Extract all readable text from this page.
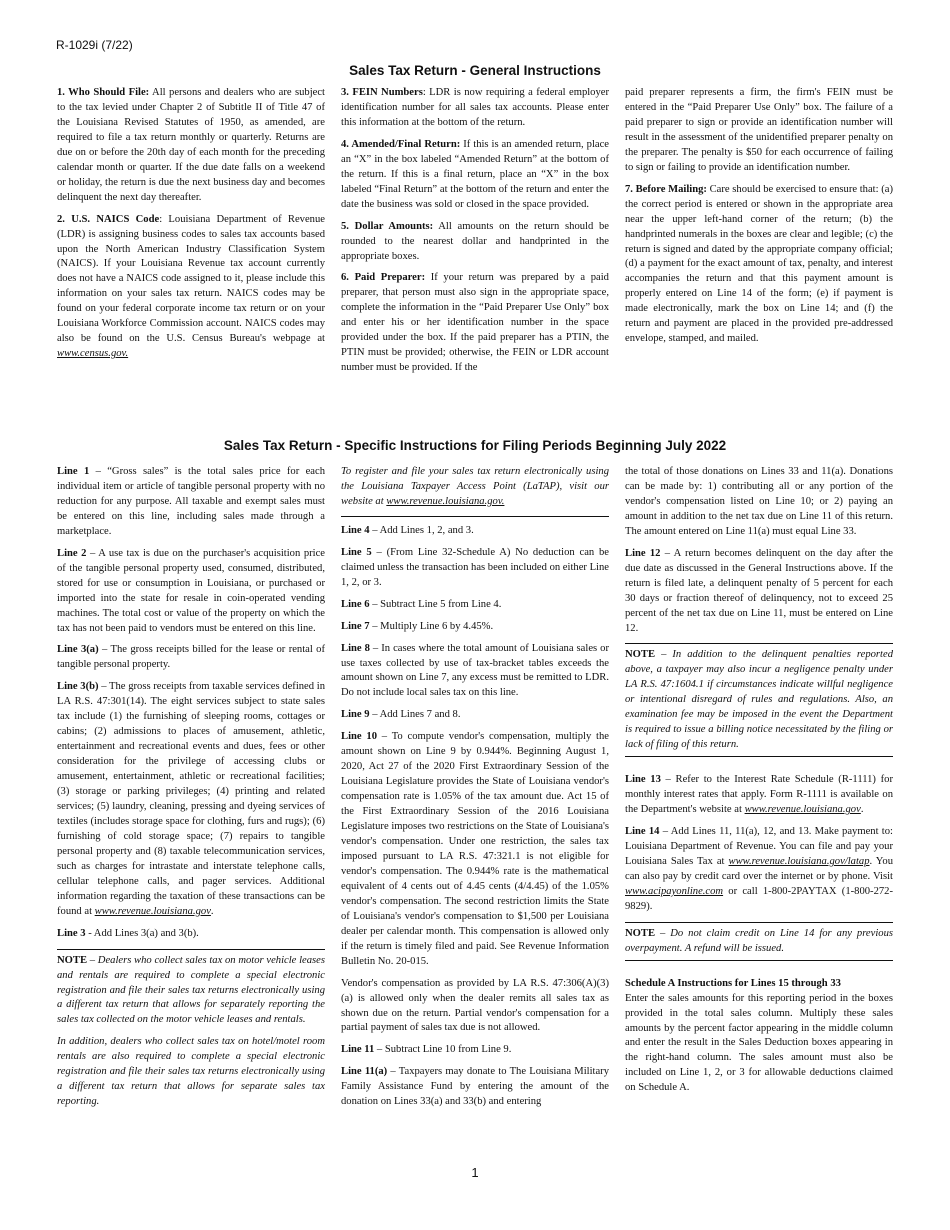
R-1029i (7/22)
Sales Tax Return - General Instructions

1. Who Should File: All persons and dealers who are subject to the tax levied under Chapter 2 of Subtitle II of Title 47 of the Louisiana Revised Statutes of 1950, as amended, are required to file a tax return monthly or quarterly. Returns are due on or before the 20th day of each month for the preceding calendar month or quarter. If the due date falls on a weekend or holiday, the return is due the next business day and becomes delinquent the next day thereafter.

2. U.S. NAICS Code: Louisiana Department of Revenue (LDR) is assigning business codes to sales tax accounts based upon the North American Industry Classification System (NAICS). If your Louisiana Revenue tax account currently does not have a NAICS code assigned to it, please include this information on your sales tax return. NAICS codes may be found on your federal corporate income tax return or on your Louisiana Workforce Commission account. NAICS codes may also be found on the U.S. Census Bureau's webpage at www.census.gov.

3. FEIN Numbers: LDR is now requiring a federal employer identification number for all sales tax accounts. Please enter this information at the bottom of the return.

4. Amended/Final Return: If this is an amended return, place an “X” in the box labeled “Amended Return” at the bottom of the return. If this is a final return, place an “X” in the box labeled “Final Return” at the bottom of the return and enter the date the business was sold or closed in the space provided.

5. Dollar Amounts: All amounts on the return should be rounded to the nearest dollar and handprinted in the appropriate boxes.

6. Paid Preparer: If your return was prepared by a paid preparer, that person must also sign in the appropriate space, complete the information in the “Paid Preparer Use Only” box and enter his or her identification number in the space provided under the box. If the paid preparer has a PTIN, the PTIN must be provided; otherwise, the FEIN or LDR account number must be provided. If the

paid preparer represents a firm, the firm's FEIN must be entered in the “Paid Preparer Use Only” box. The failure of a paid preparer to sign or provide an identification number will result in the assessment of the unidentified preparer penalty on the preparer. The penalty is $50 for each occurrence of failing to sign or failing to provide an identification number.

7. Before Mailing: Care should be exercised to ensure that: (a) the correct period is entered or shown in the appropriate area near the upper left-hand corner of the return; (b) the handprinted numerals in the boxes are clear and legible; (c) the return is signed and dated by the appropriate company official; (d) a payment for the exact amount of tax, penalty, and interest accompanies the return and that this payment amount is properly entered on Line 14 of the form; (e) if payment is made electronically, mark the box on Line 14; and (f) the return and payment are placed in the provided pre-addressed envelope, stamped, and mailed.

Sales Tax Return - Specific Instructions for Filing Periods Beginning July 2022

Line 1 – “Gross sales” is the total sales price for each individual item or article of tangible personal property with no reduction for any purpose. All taxable and exempt sales must be entered on this line, including sales made through a marketplace.

Line 2 – A use tax is due on the purchaser's acquisition price of the tangible personal property used, consumed, distributed, stored for use or consumption in Louisiana, or purchased or imported into the state for resale in coin-operated vending machines. The total cost or value of the property on which the tax has not been paid to vendors must be entered on this line.

Line 3(a) – The gross receipts billed for the lease or rental of tangible personal property.

Line 3(b) – The gross receipts from taxable services defined in LA R.S. 47:301(14). The eight services subject to state sales tax include (1) the furnishing of sleeping rooms, cottages or cabins; (2) admissions to places of amusement, athletic, entertainment and recreational events and dues, fees or other consideration for the privilege of accessing clubs or amusement, entertainment, athletic or recreational facilities; (3) storage or parking privileges; (4) printing and related services; (5) laundry, cleaning, pressing and dyeing services of textiles (includes storage space for clothing, furs and rugs); (6) furnishing of cold storage space; (7) repairs to tangible personal property and (8) taxable telecommunication services, such as charges for intrastate and interstate telephone calls, cellular telephone calls, and pager services. Additional information regarding the taxation of these transactions can be found at www.revenue.louisiana.gov.

Line 3 - Add Lines 3(a) and 3(b).

NOTE – Dealers who collect sales tax on motor vehicle leases and rentals are required to complete a special electronic registration and file their sales tax returns electronically using a different tax return that allows for separately reporting the sales tax collected on the motor vehicle leases and rentals.

In addition, dealers who collect sales tax on hotel/motel room rentals are also required to complete a special electronic registration and file their sales tax returns electronically using a different tax return that allows for separate sales tax reporting.

To register and file your sales tax return electronically using the Louisiana Taxpayer Access Point (LaTAP), visit our website at www.revenue.louisiana.gov.

Line 4 – Add Lines 1, 2, and 3.

Line 5 – (From Line 32-Schedule A) No deduction can be claimed unless the transaction has been included on either Line 1, 2, or 3.

Line 6 – Subtract Line 5 from Line 4.

Line 7 – Multiply Line 6 by 4.45%.

Line 8 – In cases where the total amount of Louisiana sales or use taxes collected by use of tax-bracket tables exceeds the amount shown on Line 7, any excess must be remitted to LDR. Do not include local sales tax on this line.

Line 9 – Add Lines 7 and 8.

Line 10 – To compute vendor's compensation, multiply the amount shown on Line 9 by 0.944%. Beginning August 1, 2020, Act 27 of the 2020 First Extraordinary Session of the Louisiana Legislature provides the State of Louisiana vendor's compensation rate is 1.05% of the tax amount due. Act 15 of the First Extraordinary Session of the 2016 Louisiana Legislature imposes two restrictions on the State of Louisiana's vendor's compensation. Under one restriction, the sales tax imposed pursuant to LA R.S. 47:321.1 is not eligible for vendor's compensation. The 0.944% rate is the mathematical equivalent of 4 cents out of 4.45 cents (4/4.45) of the 1.05% vendor's compensation. The second restriction limits the State of Louisiana's vendor's compensation to $1,500 per Louisiana dealer per calendar month. This compensation is allowed only if the return is timely filed and paid. See Revenue Information Bulletin No. 20-015.

Vendor's compensation as provided by LA R.S. 47:306(A)(3)(a) is allowed only when the dealer remits all sales tax as shown due on the return. Partial vendor's compensation for a partial payment of sales tax due is not allowed.

Line 11 – Subtract Line 10 from Line 9.

Line 11(a) – Taxpayers may donate to The Louisiana Military Family Assistance Fund by entering the amount of the donation on Lines 33(a) and 33(b) and entering

the total of those donations on Lines 33 and 11(a). Donations can be made by: 1) contributing all or any portion of the vendor's compensation listed on Line 10; or 2) paying an amount in addition to the net tax due on Line 11 of this return. The amount entered on Line 11(a) must equal Line 33.

Line 12 – A return becomes delinquent on the day after the due date as discussed in the General Instructions above. If the return is filed late, a delinquent penalty of 5 percent for each 30 days or fraction thereof of delinquency, not to exceed 25 percent of the net tax due on Line 11, must be entered on Line 12.

NOTE – In addition to the delinquent penalties reported above, a taxpayer may also incur a negligence penalty under LA R.S. 47:1604.1 if circumstances indicate willful negligence or intentional disregard of rules and regulations. Also, an examination fee may be imposed in the event the Department is required to issue a billing notice necessitated by the filing or lack of filing of this return.

Line 13 – Refer to the Interest Rate Schedule (R-1111) for monthly interest rates that apply. Form R-1111 is available on the Department's website at www.revenue.louisiana.gov.

Line 14 – Add Lines 11, 11(a), 12, and 13. Make payment to: Louisiana Department of Revenue. You can file and pay your Louisiana Sales Tax at www.revenue.louisiana.gov/latap. You can also pay by credit card over the internet or by phone. Visit www.acipayonline.com or call 1-800-2PAYTAX (1-800-272-9829).

NOTE – Do not claim credit on Line 14 for any previous overpayment. A refund will be issued.

Schedule A Instructions for Lines 15 through 33
Enter the sales amounts for this reporting period in the boxes provided in the total sales column. Multiply these sales amounts by the percent factor appearing in the middle column and enter the result in the Sales Deduction boxes appearing in the right-hand column. The sales amount must also be included on Line 1, 2, or 3 for allowable deductions claimed on Schedule A.

1
